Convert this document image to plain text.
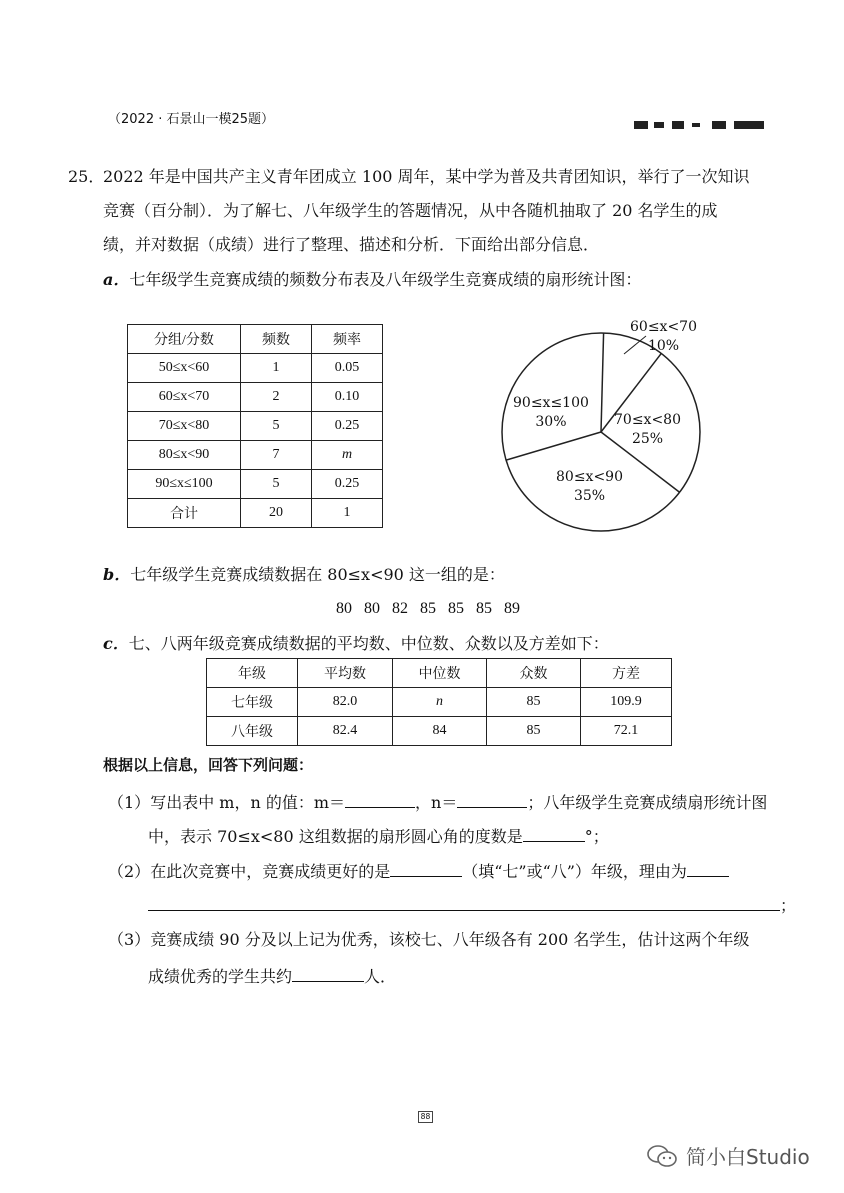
（2022 · 石景山一模25题）
25．
2022 年是中国共产主义青年团成立 100 周年，某中学为普及共青团知识，举行了一次知识
竞赛（百分制）．为了解七、八年级学生的答题情况，从中各随机抽取了 20 名学生的成
绩，并对数据（成绩）进行了整理、描述和分析．下面给出部分信息．
a．七年级学生竞赛成绩的频数分布表及八年级学生竞赛成绩的扇形统计图：
分组/分数	频数	频率
50≤x<60	1	0.05
60≤x<70	2	0.10
70≤x<80	5	0.25
80≤x<90	7	m
90≤x≤100	5	0.25
合计	20	1
60≤x<70
10%
70≤x<80
25%
80≤x<90
35%
90≤x≤100
30%
b．七年级学生竞赛成绩数据在 80≤x<90 这一组的是：
80   80   82   85   85   85   89
c．七、八两年级竞赛成绩数据的平均数、中位数、众数以及方差如下：
年级	平均数	中位数	众数	方差
七年级	82.0	n	85	109.9
八年级	82.4	84	85	72.1
根据以上信息，回答下列问题：
（1）写出表中 m，n 的值：m＝	，n＝	；八年级学生竞赛成绩扇形统计图
中，表示 70≤x<80 这组数据的扇形圆心角的度数是	°；
（2）在此次竞赛中，竞赛成绩更好的是	（填“七”或“八”）年级，理由为
；
（3）竞赛成绩 90 分及以上记为优秀，该校七、八年级各有 200 名学生，估计这两个年级
成绩优秀的学生共约	人．
88
简小白Studio
